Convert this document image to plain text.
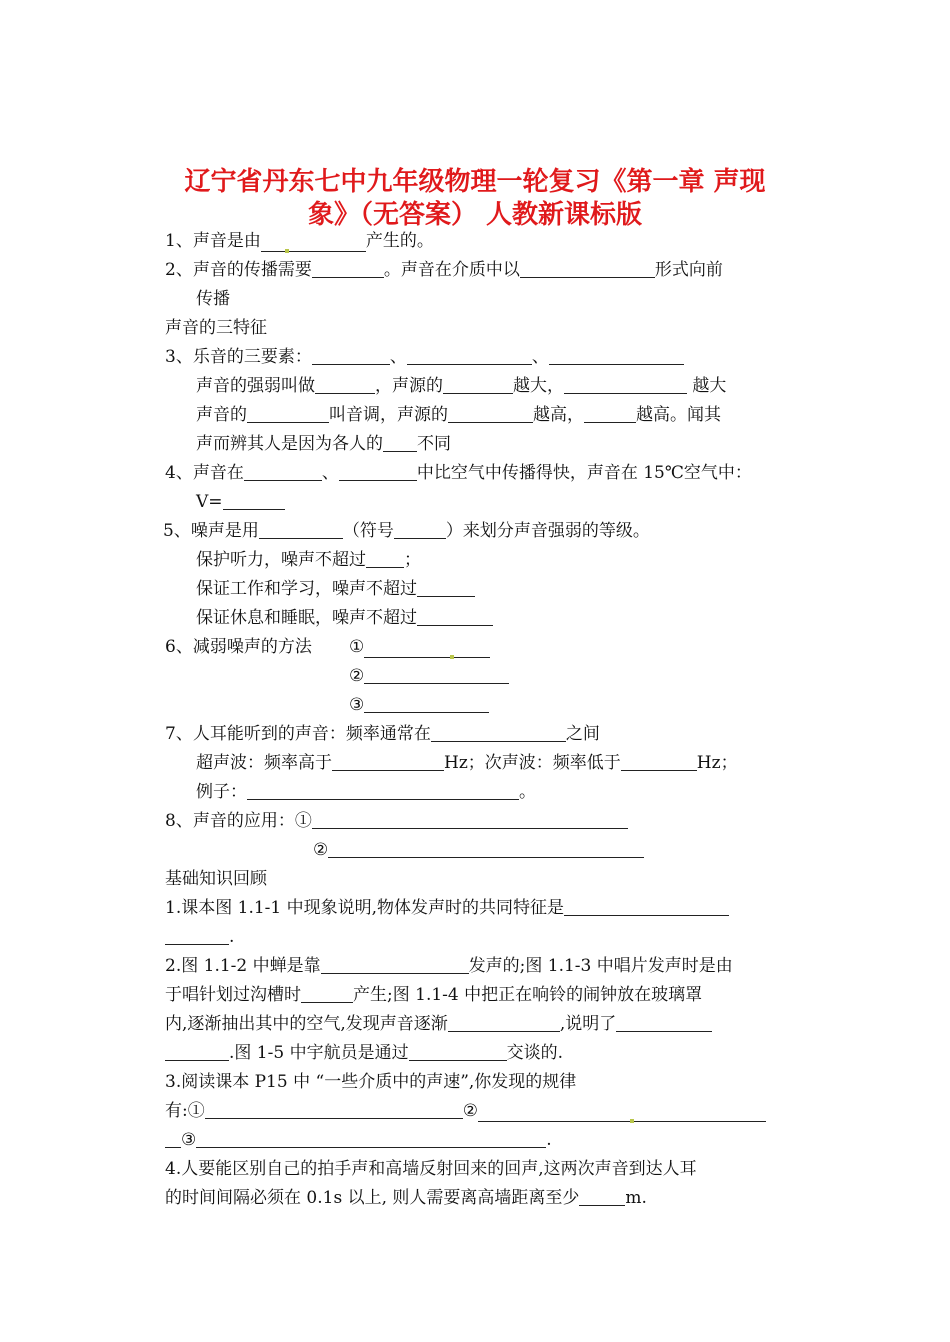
辽宁省丹东七中九年级物理一轮复习《第一章 声现
象》（无答案） 人教新课标版
1、声音是由	产生的。
2、声音的传播需要	。声音在介质中以	形式向前
传播
声音的三特征
3、乐音的三要素：	、	、
声音的强弱叫做	，声源的	越大，	越大
声音的	叫音调，声源的	越高，	越高。闻其
声而辨其人是因为各人的 不同
4、声音在	、	中比空气中传播得快，声音在 15℃空气中：
V=
5、噪声是用	（符号	）来划分声音强弱的等级。
保护听力，噪声不超过 ；
保证工作和学习，噪声不超过
保证休息和睡眠，噪声不超过
6、减弱噪声的方法 ①
②
③
7、人耳能听到的声音：频率通常在	之间
超声波：频率高于	Hz；次声波：频率低于	Hz；
例子：	。
8、声音的应用：①
②
基础知识回顾
1.课本图 1.1-1 中现象说明,物体发声时的共同特征是
.
2.图 1.1-2 中蝉是靠	发声的;图 1.1-3 中唱片发声时是由
于唱针划过沟槽时	产生;图 1.1-4 中把正在响铃的闹钟放在玻璃罩
内,逐渐抽出其中的空气,发现声音逐渐	,说明了
.图 1-5 中宇航员是通过	交谈的.
3.阅读课本 P15 中 “一些介质中的声速”,你发现的规律
有:①	②
③	.
4.人要能区别自己的拍手声和高墙反射回来的回声,这两次声音到达人耳
的时间间隔必须在 0.1s 以上, 则人需要离高墙距离至少	m.
